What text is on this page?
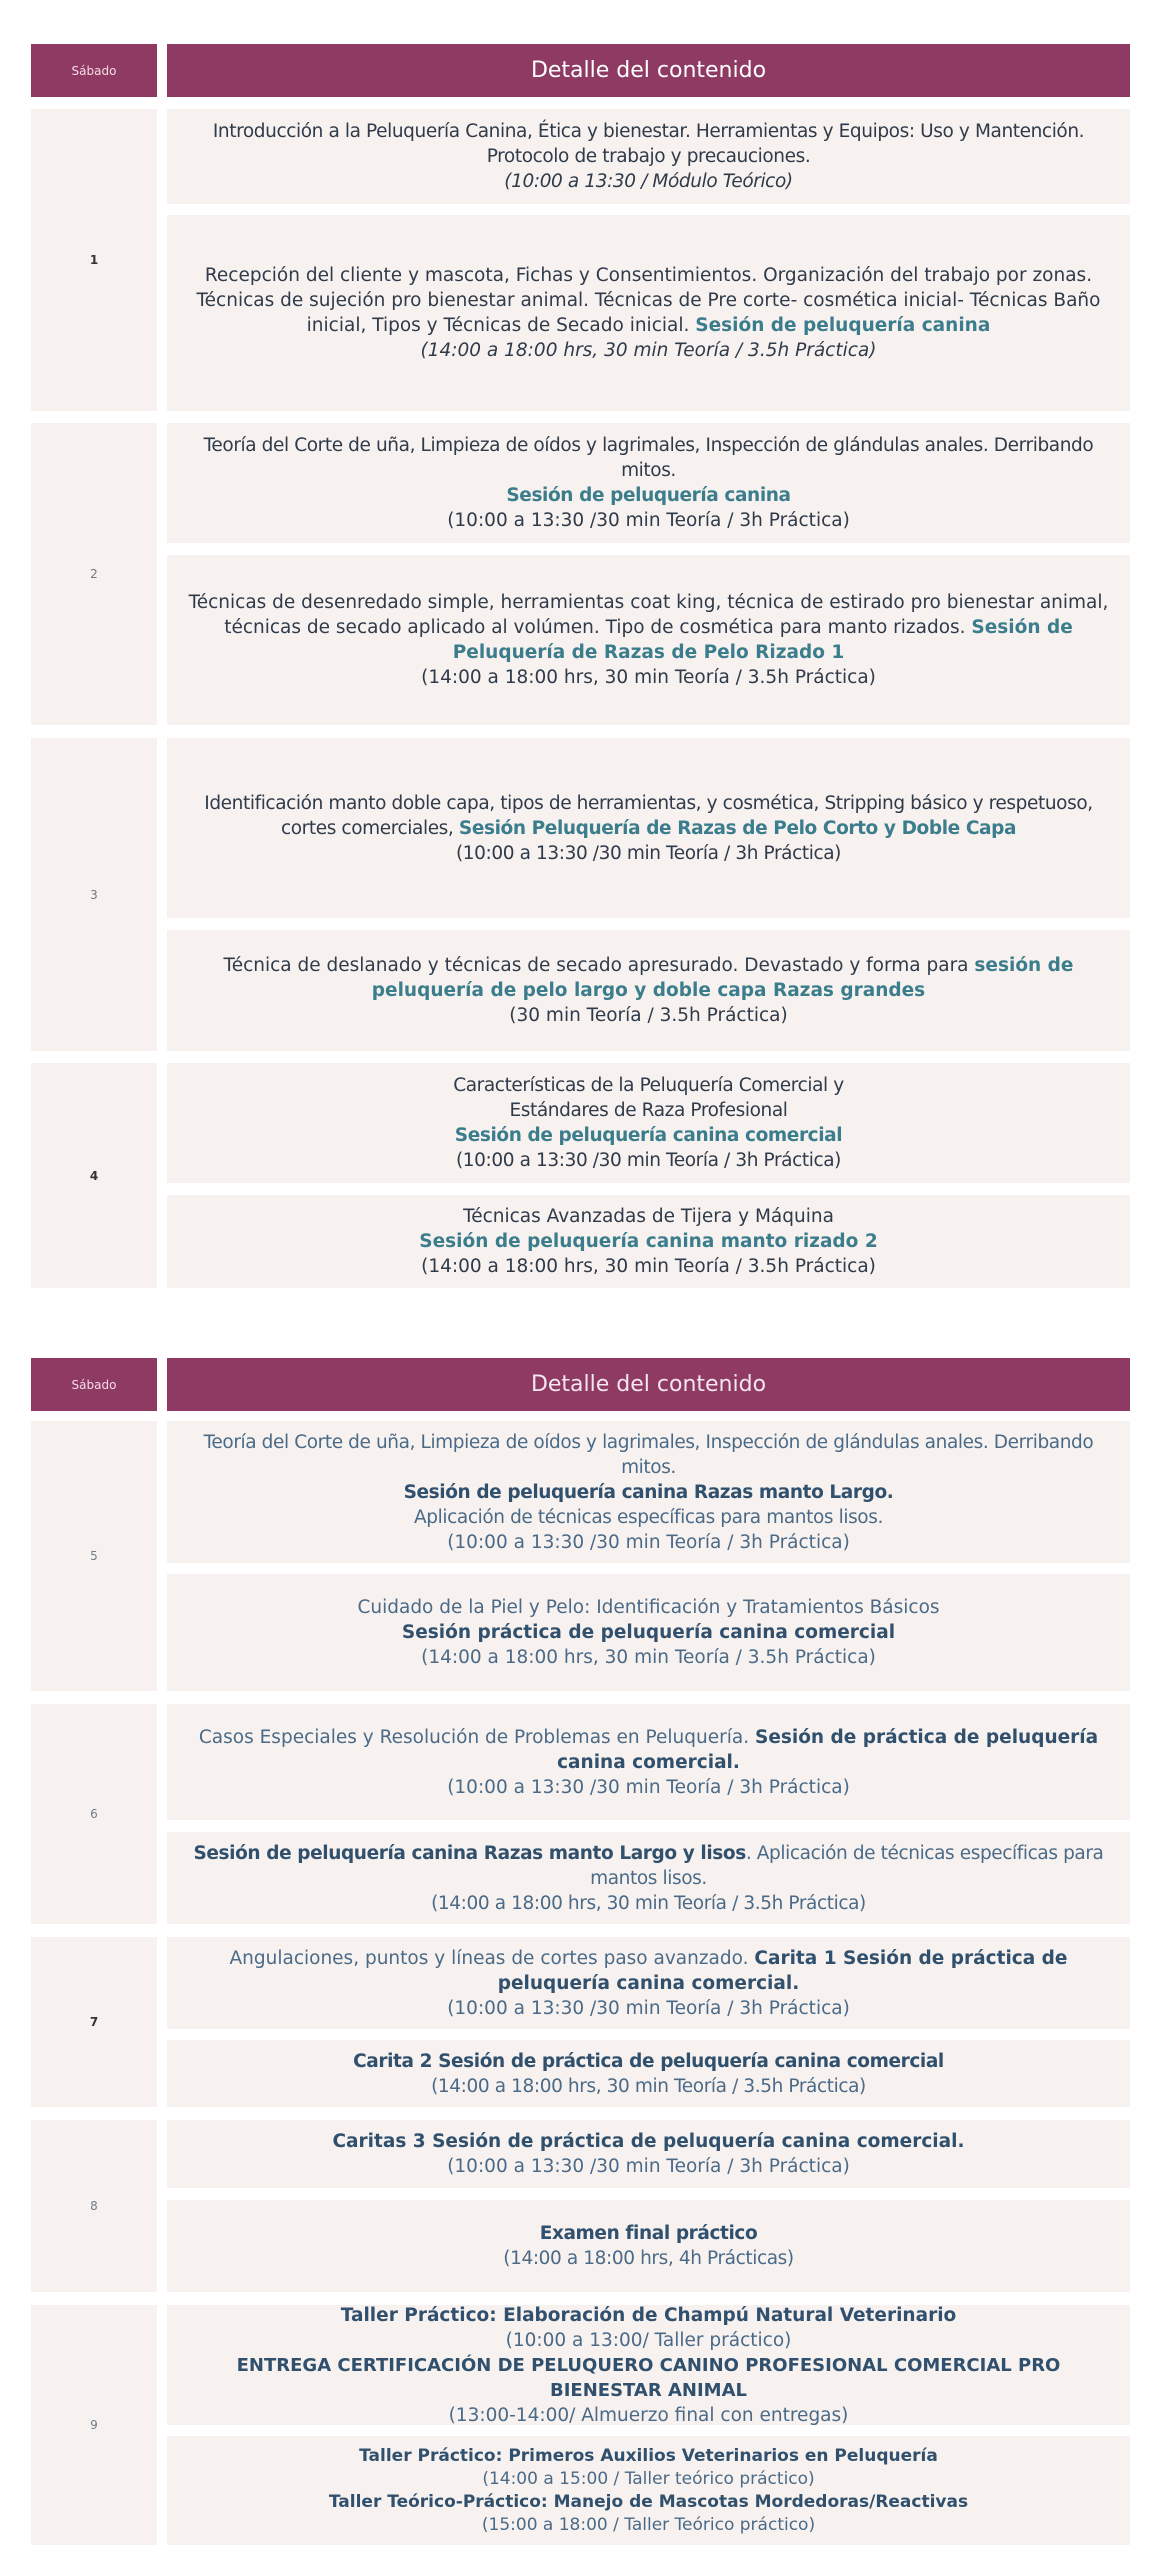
Sábado	Detalle del contenido
1
Introducción a la Peluquería Canina, Ética y bienestar. Herramientas y Equipos: Uso y Mantención. Protocolo de trabajo y precauciones.
(10:00 a 13:30 / Módulo Teórico)
Recepción del cliente y mascota, Fichas y Consentimientos. Organización del trabajo por zonas. Técnicas de sujeción pro bienestar animal. Técnicas de Pre corte- cosmética inicial- Técnicas Baño inicial, Tipos y Técnicas de Secado inicial. Sesión de peluquería canina
(14:00 a 18:00 hrs, 30 min Teoría / 3.5h Práctica)
2
Teoría del Corte de uña, Limpieza de oídos y lagrimales, Inspección de glándulas anales. Derribando mitos.
Sesión de peluquería canina
(10:00 a 13:30 /30 min Teoría / 3h Práctica)
Técnicas de desenredado simple, herramientas coat king, técnica de estirado pro bienestar animal, técnicas de secado aplicado al volúmen. Tipo de cosmética para manto rizados. Sesión de Peluquería de Razas de Pelo Rizado 1
(14:00 a 18:00 hrs, 30 min Teoría / 3.5h Práctica)
3
Identificación manto doble capa, tipos de herramientas, y cosmética, Stripping básico y respetuoso, cortes comerciales, Sesión Peluquería de Razas de Pelo Corto y Doble Capa
(10:00 a 13:30 /30 min Teoría / 3h Práctica)
Técnica de deslanado y técnicas de secado apresurado. Devastado y forma para sesión de peluquería de pelo largo y doble capa Razas grandes
(30 min Teoría / 3.5h Práctica)
4
Características de la Peluquería Comercial y
Estándares de Raza Profesional
Sesión de peluquería canina comercial
(10:00 a 13:30 /30 min Teoría / 3h Práctica)
Técnicas Avanzadas de Tijera y Máquina
Sesión de peluquería canina manto rizado 2
(14:00 a 18:00 hrs, 30 min Teoría / 3.5h Práctica)
Sábado	Detalle del contenido
5
Teoría del Corte de uña, Limpieza de oídos y lagrimales, Inspección de glándulas anales. Derribando mitos.
Sesión de peluquería canina Razas manto Largo.
Aplicación de técnicas específicas para mantos lisos.
(10:00 a 13:30 /30 min Teoría / 3h Práctica)
Cuidado de la Piel y Pelo: Identificación y Tratamientos Básicos
Sesión práctica de peluquería canina comercial
(14:00 a 18:00 hrs, 30 min Teoría / 3.5h Práctica)
6
Casos Especiales y Resolución de Problemas en Peluquería. Sesión de práctica de peluquería canina comercial.
(10:00 a 13:30 /30 min Teoría / 3h Práctica)
Sesión de peluquería canina Razas manto Largo y lisos. Aplicación de técnicas específicas para mantos lisos.
(14:00 a 18:00 hrs, 30 min Teoría / 3.5h Práctica)
7
Angulaciones, puntos y líneas de cortes paso avanzado. Carita 1 Sesión de práctica de peluquería canina comercial.
(10:00 a 13:30 /30 min Teoría / 3h Práctica)
Carita 2 Sesión de práctica de peluquería canina comercial
(14:00 a 18:00 hrs, 30 min Teoría / 3.5h Práctica)
8
Caritas 3 Sesión de práctica de peluquería canina comercial.
(10:00 a 13:30 /30 min Teoría / 3h Práctica)
Examen final práctico
(14:00 a 18:00 hrs, 4h Prácticas)
9
Taller Práctico: Elaboración de Champú Natural Veterinario
(10:00 a 13:00/ Taller práctico)
ENTREGA CERTIFICACIÓN DE PELUQUERO CANINO PROFESIONAL COMERCIAL PRO BIENESTAR ANIMAL
(13:00-14:00/ Almuerzo final con entregas)
Taller Práctico: Primeros Auxilios Veterinarios en Peluquería
(14:00 a 15:00 / Taller teórico práctico)
Taller Teórico-Práctico: Manejo de Mascotas Mordedoras/Reactivas
(15:00 a 18:00 / Taller Teórico práctico)
